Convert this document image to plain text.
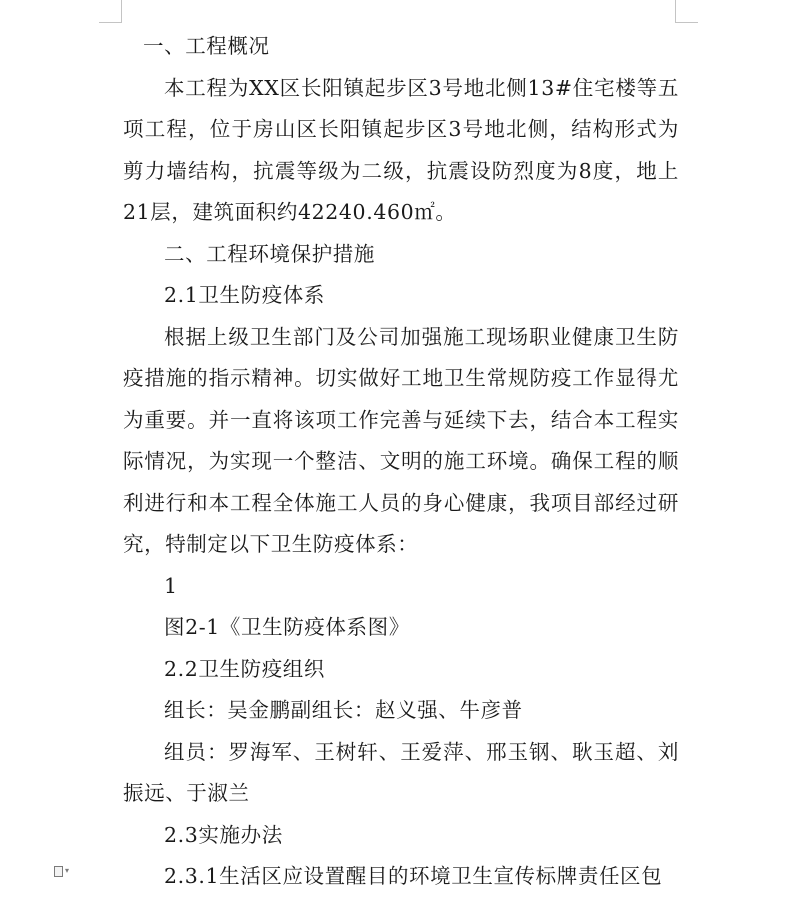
一、工程概况

本工程为XX区长阳镇起步区3号地北侧13#住宅楼等五项工程，位于房山区长阳镇起步区3号地北侧，结构形式为剪力墙结构，抗震等级为二级，抗震设防烈度为8度，地上21层，建筑面积约42240.460㎡。

二、工程环境保护措施

2.1卫生防疫体系

根据上级卫生部门及公司加强施工现场职业健康卫生防疫措施的指示精神。切实做好工地卫生常规防疫工作显得尤为重要。并一直将该项工作完善与延续下去，结合本工程实际情况，为实现一个整洁、文明的施工环境。确保工程的顺利进行和本工程全体施工人员的身心健康，我项目部经过研究，特制定以下卫生防疫体系：

1

图2-1《卫生防疫体系图》

2.2卫生防疫组织

组长：吴金鹏副组长：赵义强、牛彦普

组员：罗海军、王树轩、王爱萍、邢玉钢、耿玉超、刘振远、于淑兰

2.3实施办法

2.3.1生活区应设置醒目的环境卫生宣传标牌责任区包

▾
